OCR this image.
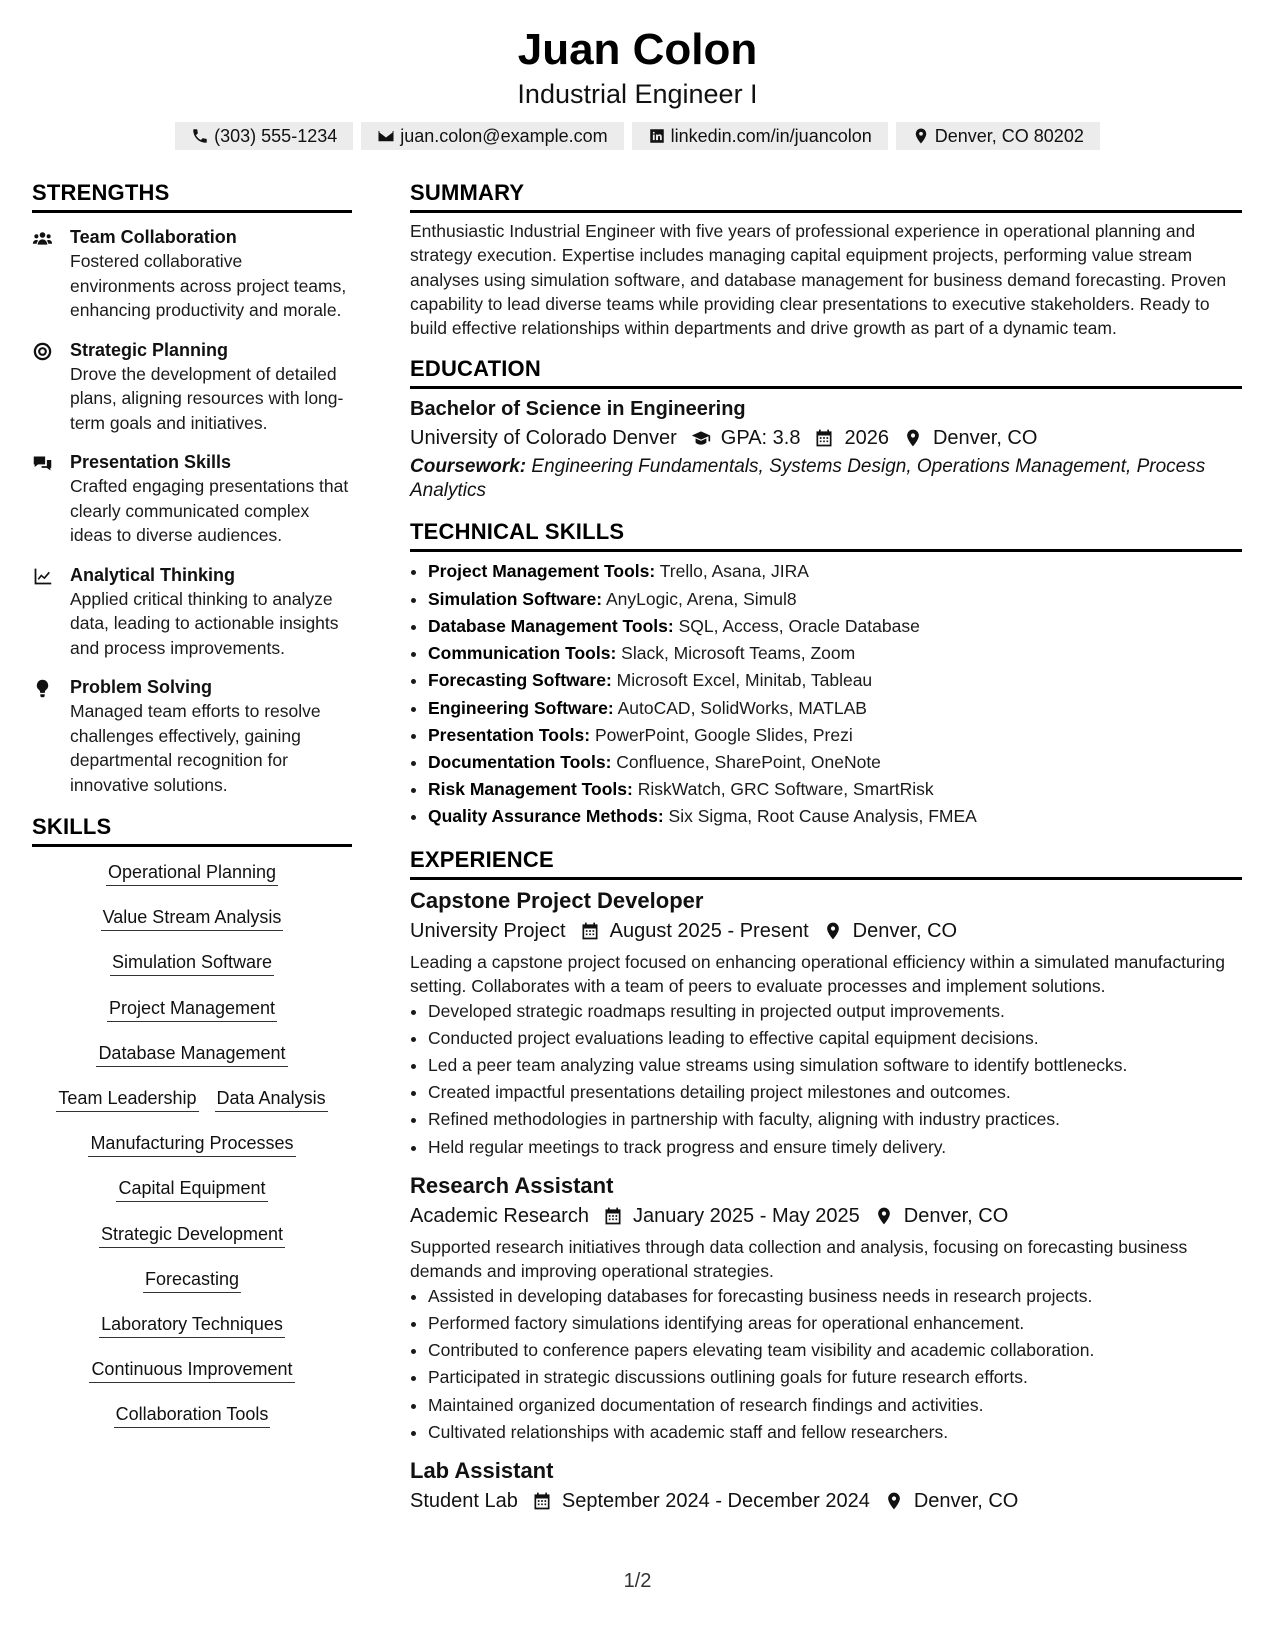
Juan Colon
Industrial Engineer I
(303) 555-1234	juan.colon@example.com	linkedin.com/in/juancolon	Denver, CO 80202
STRENGTHS
Team Collaboration
Fostered collaborative environments across project teams, enhancing productivity and morale.
Strategic Planning
Drove the development of detailed plans, aligning resources with long-term goals and initiatives.
Presentation Skills
Crafted engaging presentations that clearly communicated complex ideas to diverse audiences.
Analytical Thinking
Applied critical thinking to analyze data, leading to actionable insights and process improvements.
Problem Solving
Managed team efforts to resolve challenges effectively, gaining departmental recognition for innovative solutions.
SKILLS
Operational Planning
Value Stream Analysis
Simulation Software
Project Management
Database Management
Team Leadership Data Analysis
Manufacturing Processes
Capital Equipment
Strategic Development
Forecasting
Laboratory Techniques
Continuous Improvement
Collaboration Tools
SUMMARY
Enthusiastic Industrial Engineer with five years of professional experience in operational planning and strategy execution. Expertise includes managing capital equipment projects, performing value stream analyses using simulation software, and database management for business demand forecasting. Proven capability to lead diverse teams while providing clear presentations to executive stakeholders. Ready to build effective relationships within departments and drive growth as part of a dynamic team.
EDUCATION
Bachelor of Science in Engineering
University of Colorado Denver GPA: 3.8 2026 Denver, CO
Coursework: Engineering Fundamentals, Systems Design, Operations Management, Process Analytics
TECHNICAL SKILLS
• Project Management Tools: Trello, Asana, JIRA
• Simulation Software: AnyLogic, Arena, Simul8
• Database Management Tools: SQL, Access, Oracle Database
• Communication Tools: Slack, Microsoft Teams, Zoom
• Forecasting Software: Microsoft Excel, Minitab, Tableau
• Engineering Software: AutoCAD, SolidWorks, MATLAB
• Presentation Tools: PowerPoint, Google Slides, Prezi
• Documentation Tools: Confluence, SharePoint, OneNote
• Risk Management Tools: RiskWatch, GRC Software, SmartRisk
• Quality Assurance Methods: Six Sigma, Root Cause Analysis, FMEA
EXPERIENCE
Capstone Project Developer
University Project August 2025 - Present Denver, CO
Leading a capstone project focused on enhancing operational efficiency within a simulated manufacturing setting. Collaborates with a team of peers to evaluate processes and implement solutions.
• Developed strategic roadmaps resulting in projected output improvements.
• Conducted project evaluations leading to effective capital equipment decisions.
• Led a peer team analyzing value streams using simulation software to identify bottlenecks.
• Created impactful presentations detailing project milestones and outcomes.
• Refined methodologies in partnership with faculty, aligning with industry practices.
• Held regular meetings to track progress and ensure timely delivery.
Research Assistant
Academic Research January 2025 - May 2025 Denver, CO
Supported research initiatives through data collection and analysis, focusing on forecasting business demands and improving operational strategies.
• Assisted in developing databases for forecasting business needs in research projects.
• Performed factory simulations identifying areas for operational enhancement.
• Contributed to conference papers elevating team visibility and academic collaboration.
• Participated in strategic discussions outlining goals for future research efforts.
• Maintained organized documentation of research findings and activities.
• Cultivated relationships with academic staff and fellow researchers.
Lab Assistant
Student Lab September 2024 - December 2024 Denver, CO
1/2
